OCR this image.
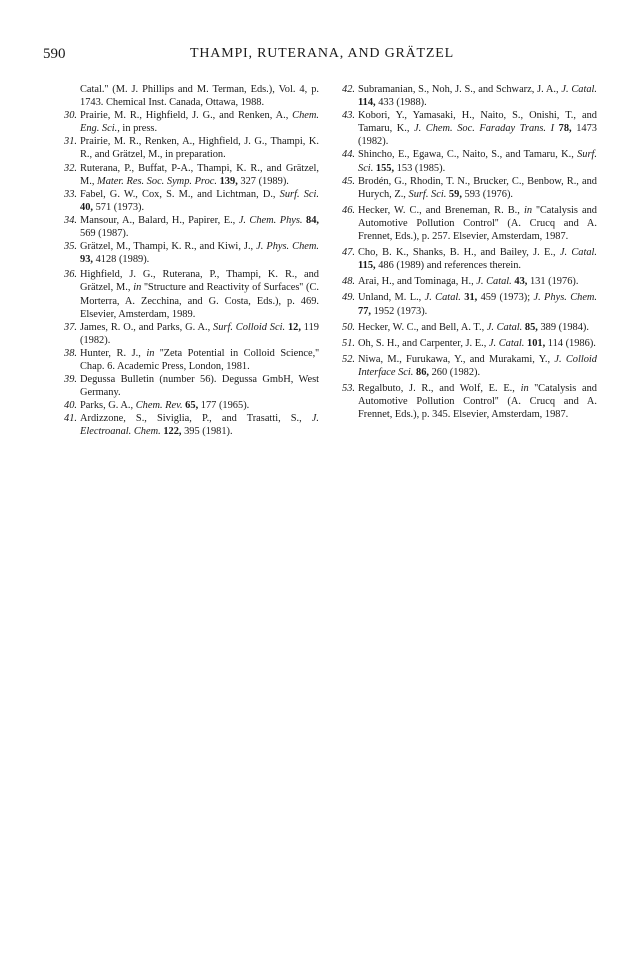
590	THAMPI, RUTERANA, AND GRÄTZEL

Catal.'' (M. J. Phillips and M. Terman, Eds.), Vol. 4, p. 1743. Chemical Inst. Canada, Ottawa, 1988.

30. Prairie, M. R., Highfield, J. G., and Renken, A., Chem. Eng. Sci., in press.

31. Prairie, M. R., Renken, A., Highfield, J. G., Thampi, K. R., and Grätzel, M., in preparation.

32. Ruterana, P., Buffat, P-A., Thampi, K. R., and Grätzel, M., Mater. Res. Soc. Symp. Proc. 139, 327 (1989).

33. Fabel, G. W., Cox, S. M., and Lichtman, D., Surf. Sci. 40, 571 (1973).

34. Mansour, A., Balard, H., Papirer, E., J. Chem. Phys. 84, 569 (1987).

35. Grätzel, M., Thampi, K. R., and Kiwi, J., J. Phys. Chem. 93, 4128 (1989).

36. Highfield, J. G., Ruterana, P., Thampi, K. R., and Grätzel, M., in ''Structure and Reactivity of Surfaces'' (C. Morterra, A. Zecchina, and G. Costa, Eds.), p. 469. Elsevier, Amsterdam, 1989.

37. James, R. O., and Parks, G. A., Surf. Colloid Sci. 12, 119 (1982).

38. Hunter, R. J., in ''Zeta Potential in Colloid Science,'' Chap. 6. Academic Press, London, 1981.

39. Degussa Bulletin (number 56). Degussa GmbH, West Germany.

40. Parks, G. A., Chem. Rev. 65, 177 (1965).

41. Ardizzone, S., Siviglia, P., and Trasatti, S., J. Electroanal. Chem. 122, 395 (1981).

42. Subramanian, S., Noh, J. S., and Schwarz, J. A., J. Catal. 114, 433 (1988).

43. Kobori, Y., Yamasaki, H., Naito, S., Onishi, T., and Tamaru, K., J. Chem. Soc. Faraday Trans. I 78, 1473 (1982).

44. Shincho, E., Egawa, C., Naito, S., and Tamaru, K., Surf. Sci. 155, 153 (1985).

45. Brodén, G., Rhodin, T. N., Brucker, C., Benbow, R., and Hurych, Z., Surf. Sci. 59, 593 (1976).

46. Hecker, W. C., and Breneman, R. B., in ''Catalysis and Automotive Pollution Control'' (A. Crucq and A. Frennet, Eds.), p. 257. Elsevier, Amsterdam, 1987.

47. Cho, B. K., Shanks, B. H., and Bailey, J. E., J. Catal. 115, 486 (1989) and references therein.

48. Arai, H., and Tominaga, H., J. Catal. 43, 131 (1976).

49. Unland, M. L., J. Catal. 31, 459 (1973); J. Phys. Chem. 77, 1952 (1973).

50. Hecker, W. C., and Bell, A. T., J. Catal. 85, 389 (1984).

51. Oh, S. H., and Carpenter, J. E., J. Catal. 101, 114 (1986).

52. Niwa, M., Furukawa, Y., and Murakami, Y., J. Colloid Interface Sci. 86, 260 (1982).

53. Regalbuto, J. R., and Wolf, E. E., in ''Catalysis and Automotive Pollution Control'' (A. Crucq and A. Frennet, Eds.), p. 345. Elsevier, Amsterdam, 1987.
